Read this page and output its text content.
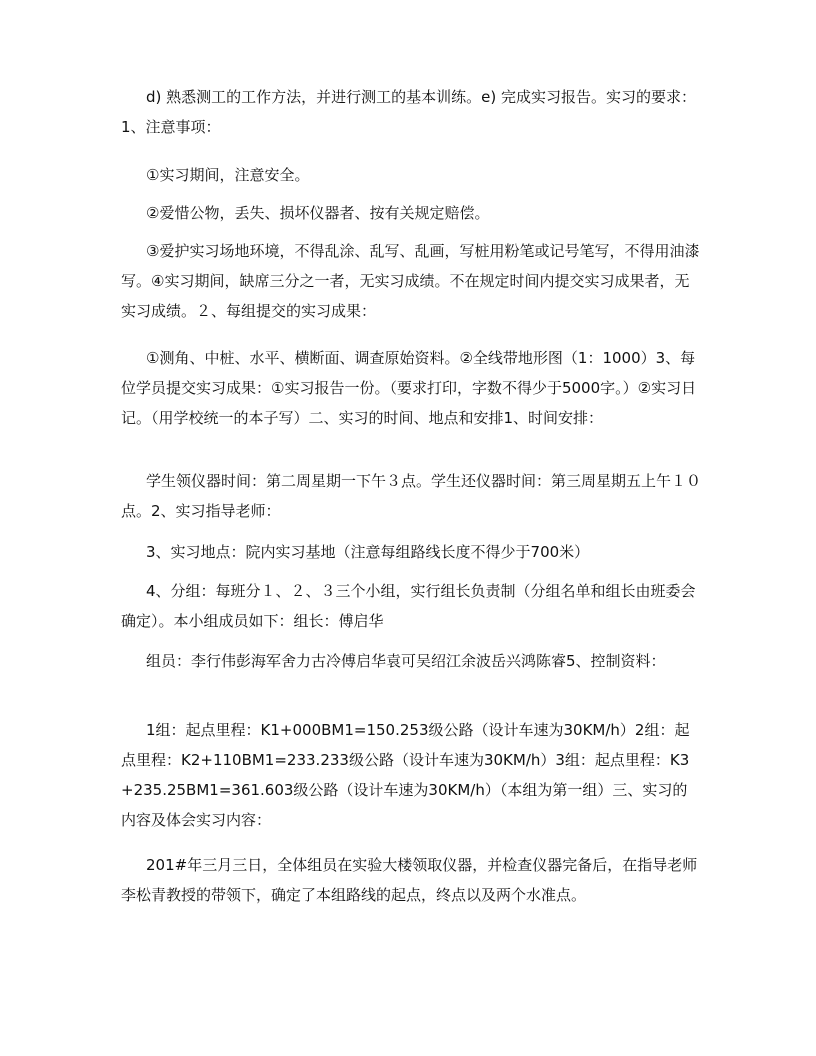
d) 熟悉测工的工作方法，并进行测工的基本训练。e) 完成实习报告。实习的要求：1、注意事项：

①实习期间，注意安全。

②爱惜公物，丢失、损坏仪器者、按有关规定赔偿。

③爱护实习场地环境，不得乱涂、乱写、乱画，写桩用粉笔或记号笔写，不得用油漆写。④实习期间，缺席三分之一者，无实习成绩。不在规定时间内提交实习成果者，无实习成绩。２、每组提交的实习成果：

①测角、中桩、水平、横断面、调查原始资料。②全线带地形图（1：1000）3、每位学员提交实习成果：①实习报告一份。（要求打印，字数不得少于5000字。）②实习日记。（用学校统一的本子写）二、实习的时间、地点和安排1、时间安排：

学生领仪器时间：第二周星期一下午３点。学生还仪器时间：第三周星期五上午１０点。2、实习指导老师：

3、实习地点：院内实习基地（注意每组路线长度不得少于700米）

4、分组：每班分１、２、３三个小组，实行组长负责制（分组名单和组长由班委会确定）。本小组成员如下：组长：傅启华

组员：李行伟彭海军舍力古冷傅启华袁可吴绍江余波岳兴鸿陈睿5、控制资料：

1组：起点里程：K1+000BM1=150.253级公路（设计车速为30KM/h）2组：起点里程：K2+110BM1=233.233级公路（设计车速为30KM/h）3组：起点里程：K3+235.25BM1=361.603级公路（设计车速为30KM/h）（本组为第一组）三、实习的内容及体会实习内容：

201#年三月三日，全体组员在实验大楼领取仪器，并检查仪器完备后，在指导老师李松青教授的带领下，确定了本组路线的起点，终点以及两个水准点。
